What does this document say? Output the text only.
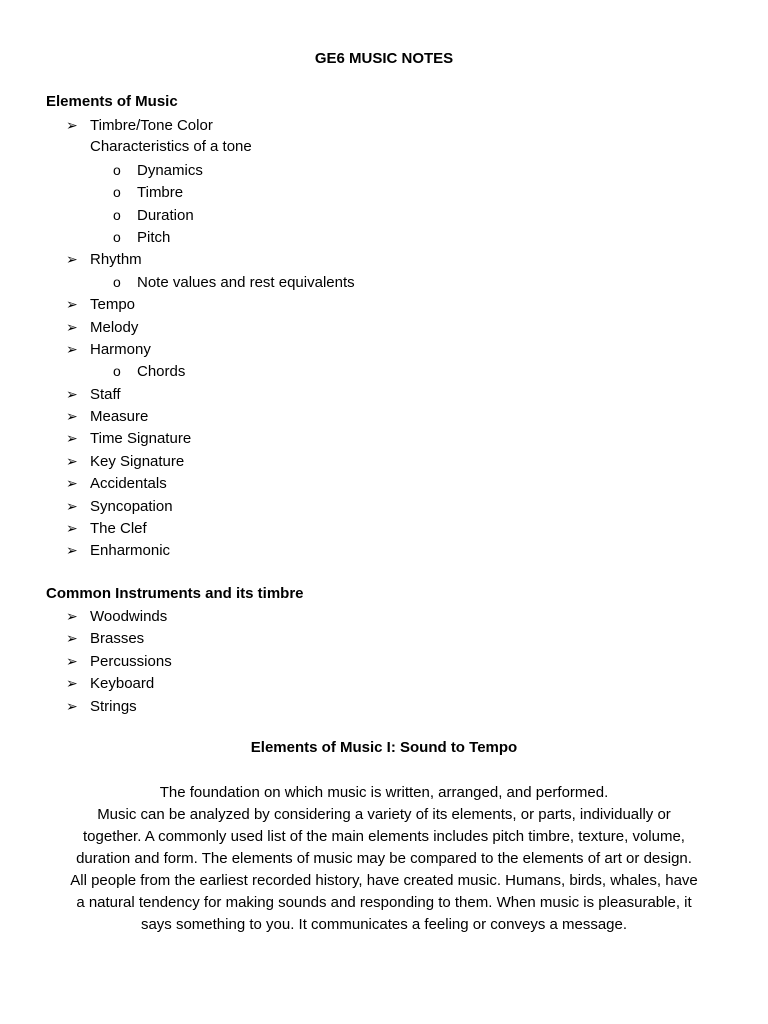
GE6 MUSIC NOTES
Elements of Music
➢ Timbre/Tone Color
Characteristics of a tone
o Dynamics
o Timbre
o Duration
o Pitch
➢ Rhythm
o Note values and rest equivalents
➢ Tempo
➢ Melody
➢ Harmony
o Chords
➢ Staff
➢ Measure
➢ Time Signature
➢ Key Signature
➢ Accidentals
➢ Syncopation
➢ The Clef
➢ Enharmonic
Common Instruments and its timbre
➢ Woodwinds
➢ Brasses
➢ Percussions
➢ Keyboard
➢ Strings
Elements of Music I: Sound to Tempo

The foundation on which music is written, arranged, and performed.
Music can be analyzed by considering a variety of its elements, or parts, individually or
together. A commonly used list of the main elements includes pitch timbre, texture, volume,
duration and form. The elements of music may be compared to the elements of art or design.
All people from the earliest recorded history, have created music. Humans, birds, whales, have
a natural tendency for making sounds and responding to them. When music is pleasurable, it
says something to you. It communicates a feeling or conveys a message.
